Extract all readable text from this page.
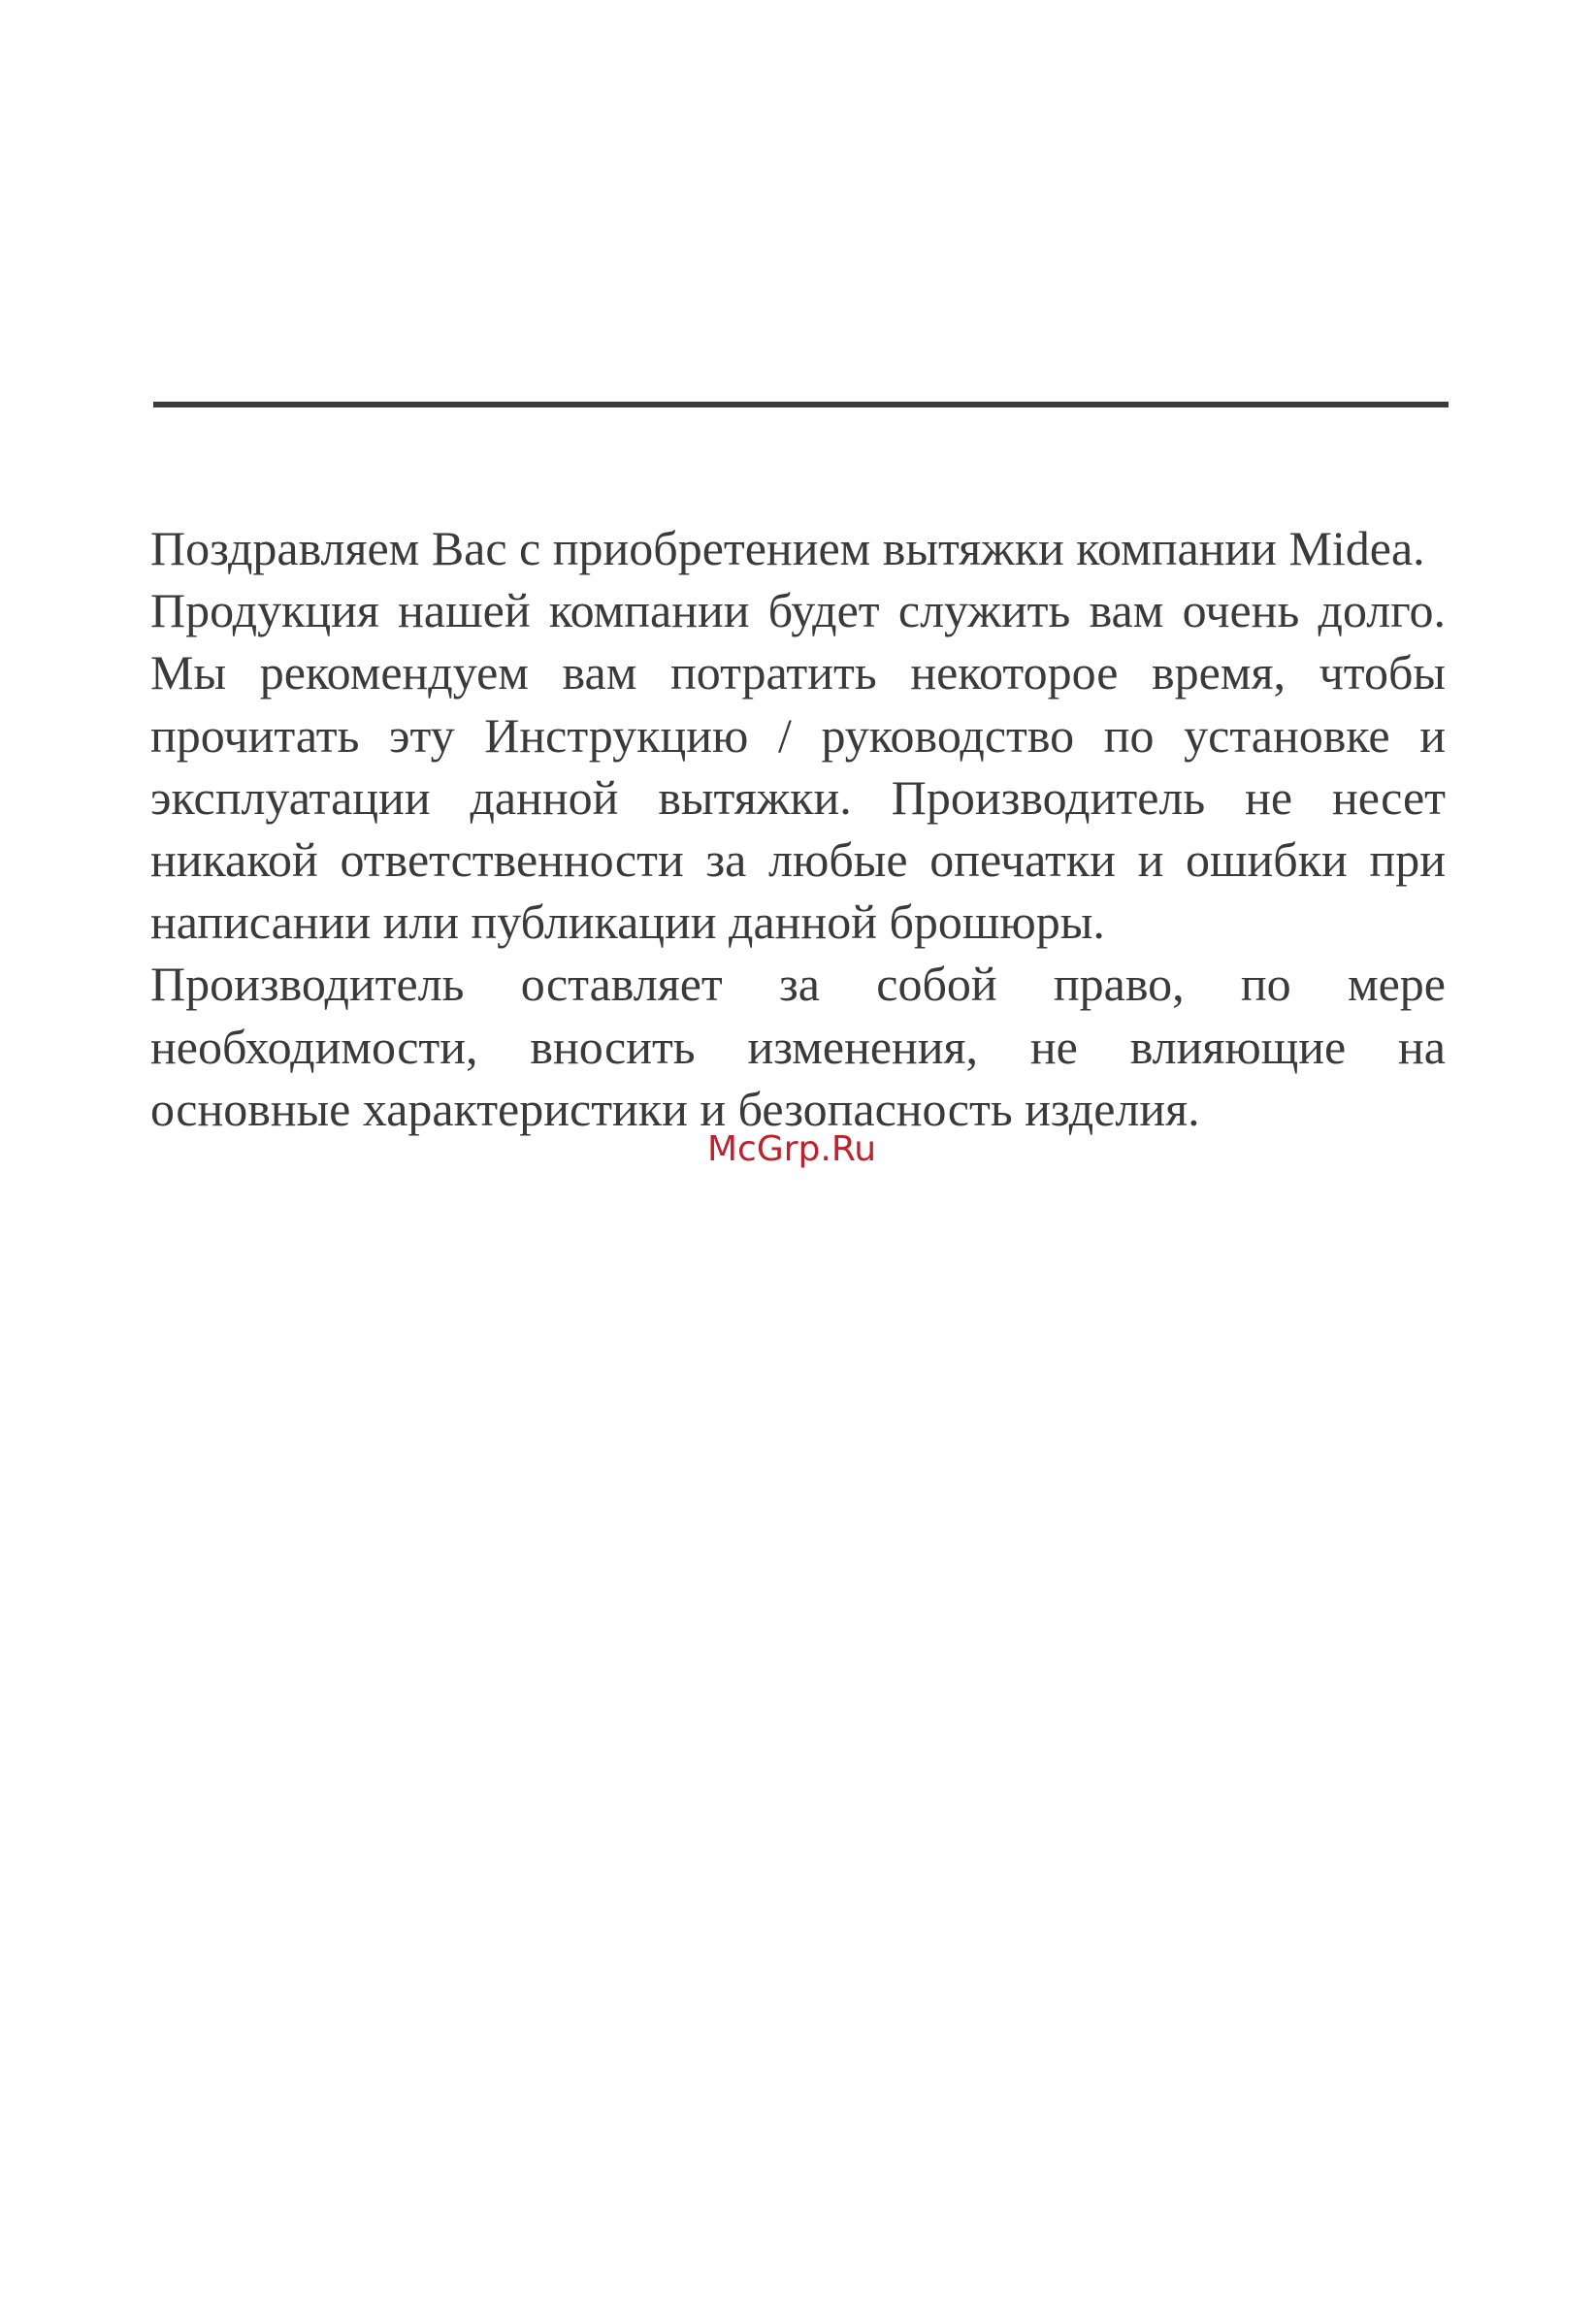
Поздравляем Вас с приобретением вытяжки компании Midea.

Продукция нашей компании будет служить вам очень долго. Мы рекомендуем вам потратить некоторое время, чтобы прочитать эту Инструкцию / руководство по установке и эксплуатации данной вытяжки. Производитель не несет никакой ответственности за любые опечатки и ошибки при написании или публикации данной брошюры.

Производитель оставляет за собой право, по мере необходимости, вносить изменения, не влияющие на основные характеристики и безопасность изделия.

McGrp.Ru
